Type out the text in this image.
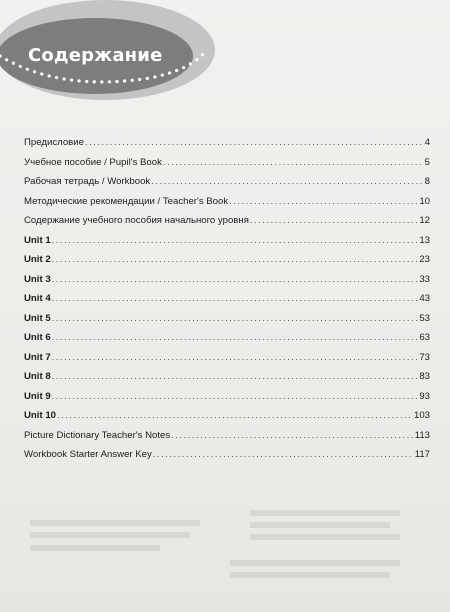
Содержание
Предисловие . . .	4
Учебное пособие / Pupil's Book . . .	5
Рабочая тетрадь / Workbook . . .	8
Методические рекомендации / Teacher's Book . . .	10
Содержание учебного пособия начального уровня . . .	12
Unit 1 . . .	13
Unit 2 . . .	23
Unit 3 . . .	33
Unit 4 . . .	43
Unit 5 . . .	53
Unit 6 . . .	63
Unit 7 . . .	73
Unit 8 . . .	83
Unit 9 . . .	93
Unit 10 . . .	103
Picture Dictionary Teacher's Notes . . .	113
Workbook Starter Answer Key . . .	117
